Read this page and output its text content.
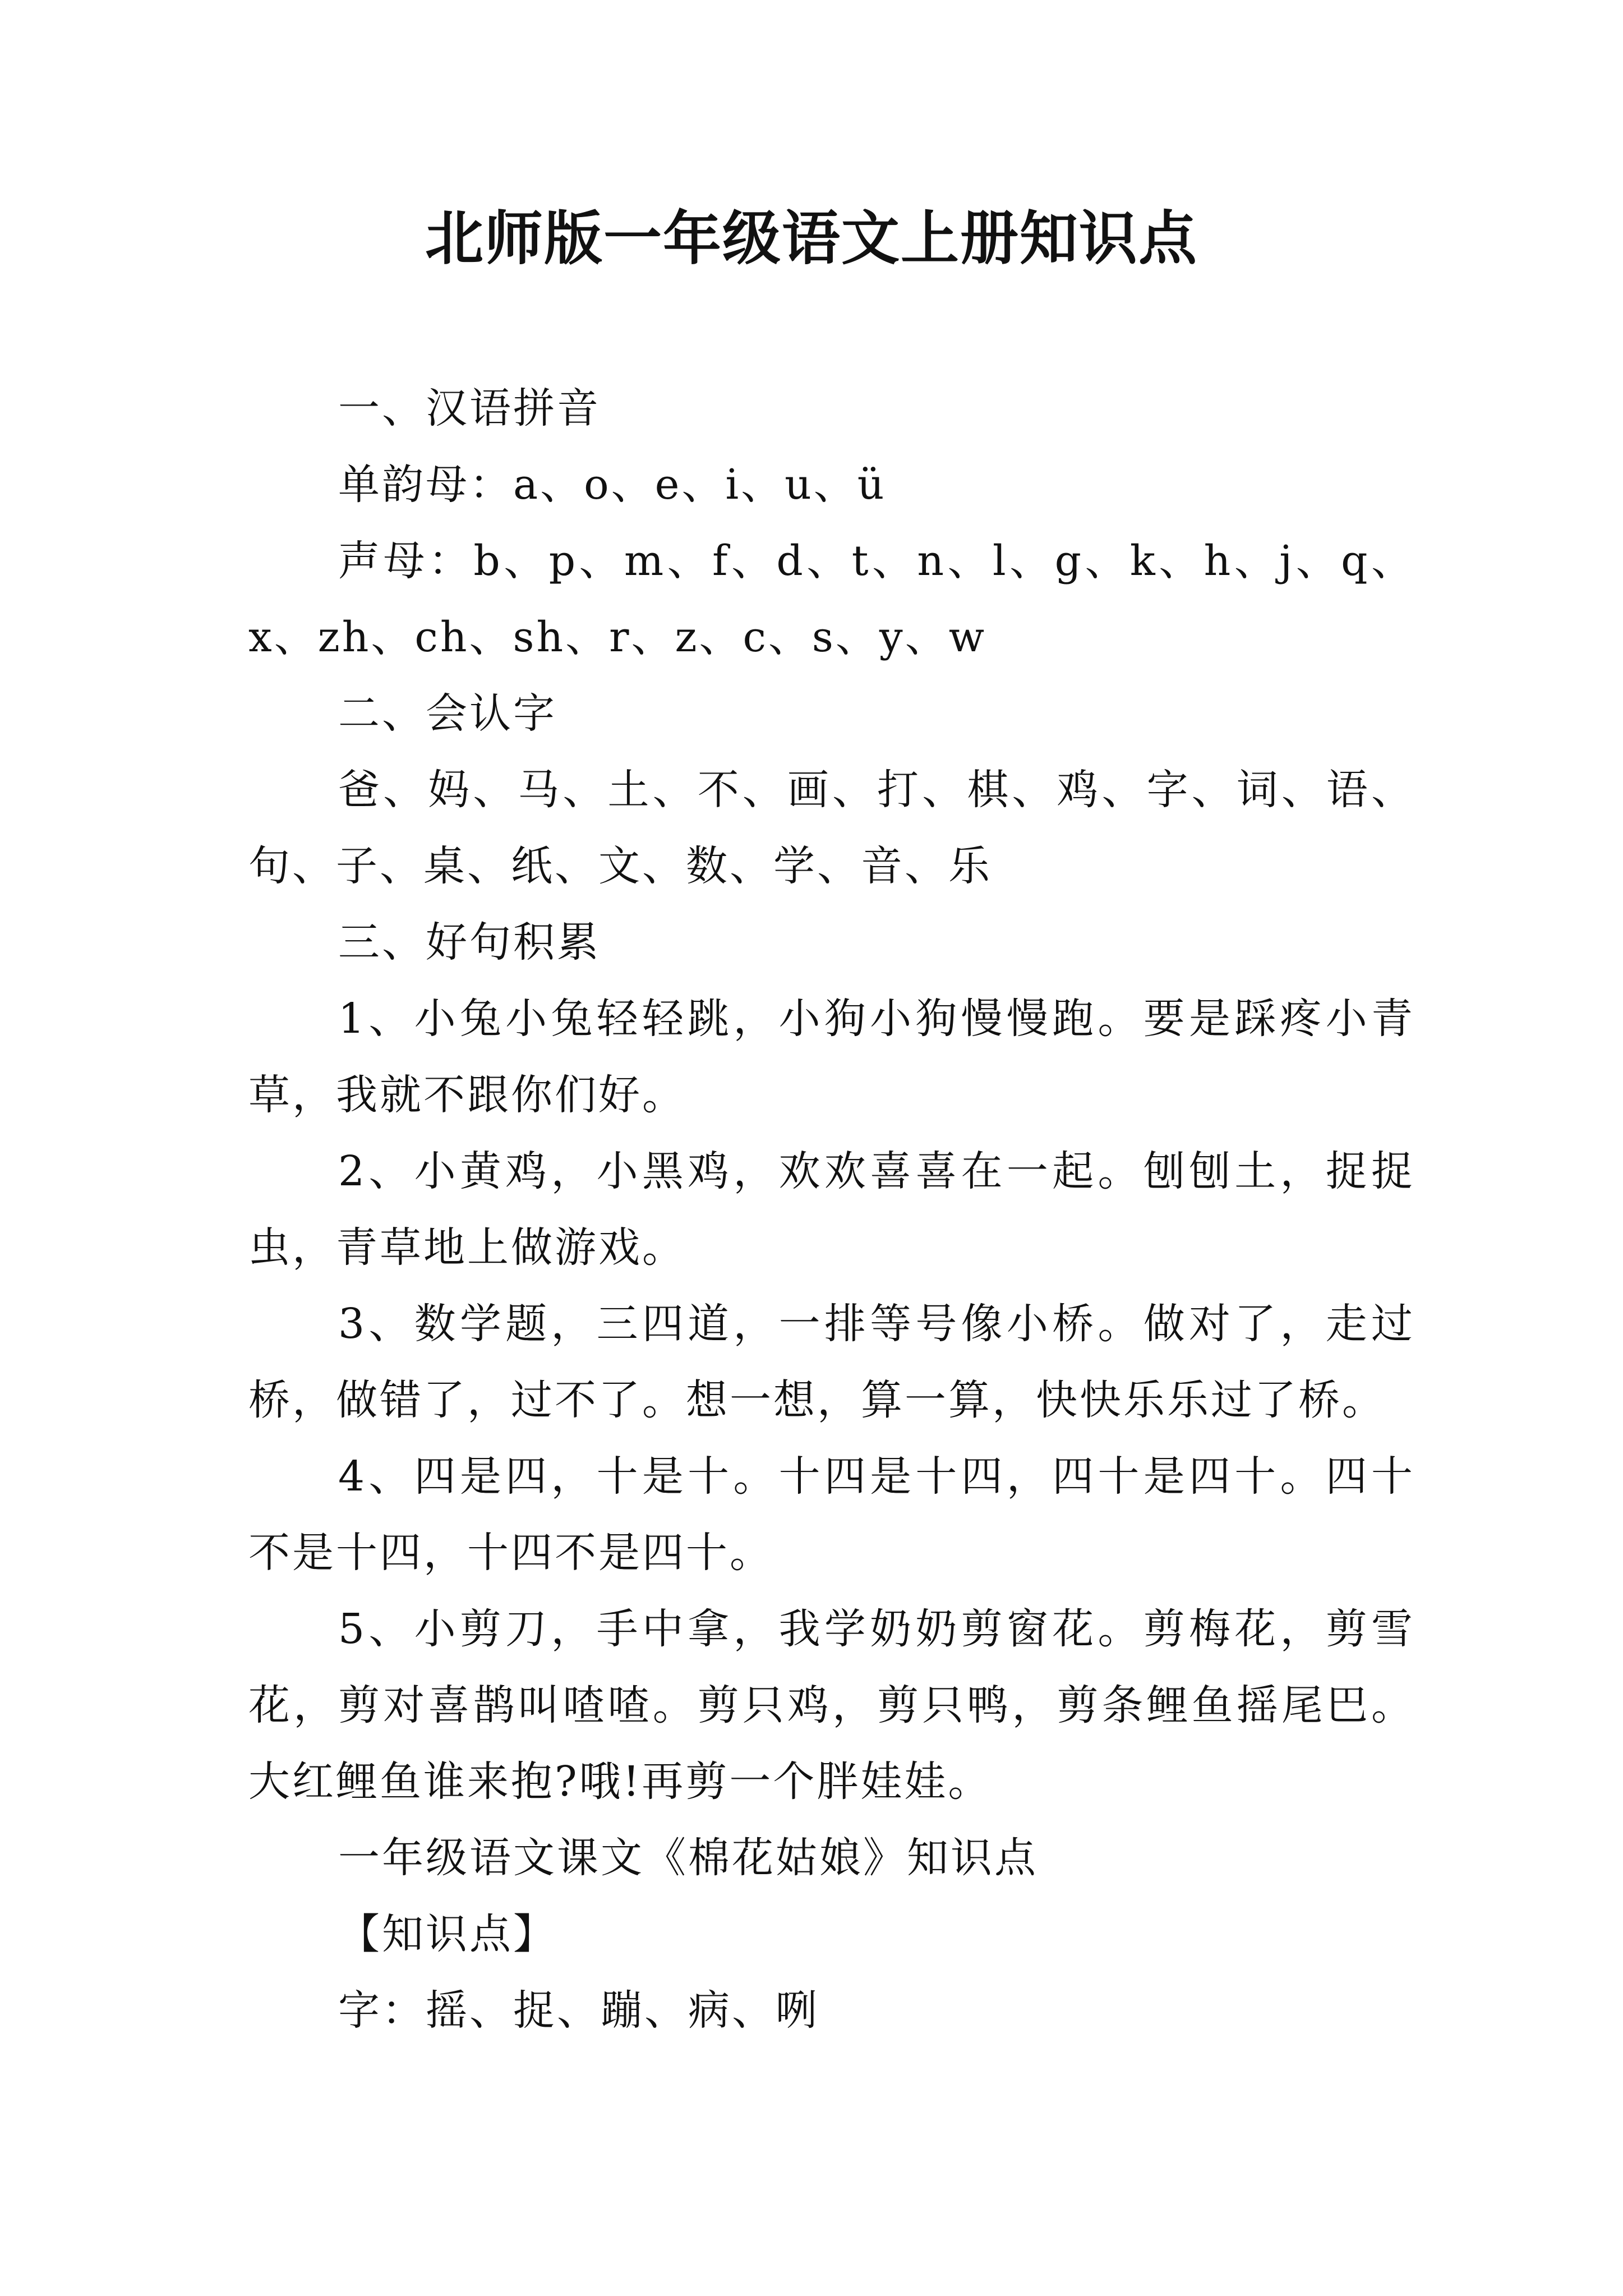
北师版一年级语文上册知识点

一、汉语拼音

单韵母：a、o、e、i、u、ü

声母：b、p、m、f、d、t、n、l、g、k、h、j、q、x、zh、ch、sh、r、z、c、s、y、w

二、会认字

爸、妈、马、土、不、画、打、棋、鸡、字、词、语、句、子、桌、纸、文、数、学、音、乐

三、好句积累

1、小兔小兔轻轻跳，小狗小狗慢慢跑。要是踩疼小青草，我就不跟你们好。

2、小黄鸡，小黑鸡，欢欢喜喜在一起。刨刨土，捉捉虫，青草地上做游戏。

3、数学题，三四道，一排等号像小桥。做对了，走过桥，做错了，过不了。想一想，算一算，快快乐乐过了桥。

4、四是四，十是十。十四是十四，四十是四十。四十不是十四，十四不是四十。

5、小剪刀，手中拿，我学奶奶剪窗花。剪梅花，剪雪花，剪对喜鹊叫喳喳。剪只鸡，剪只鸭，剪条鲤鱼摇尾巴。大红鲤鱼谁来抱?哦!再剪一个胖娃娃。

一年级语文课文《棉花姑娘》知识点

【知识点】

字：摇、捉、蹦、病、咧
